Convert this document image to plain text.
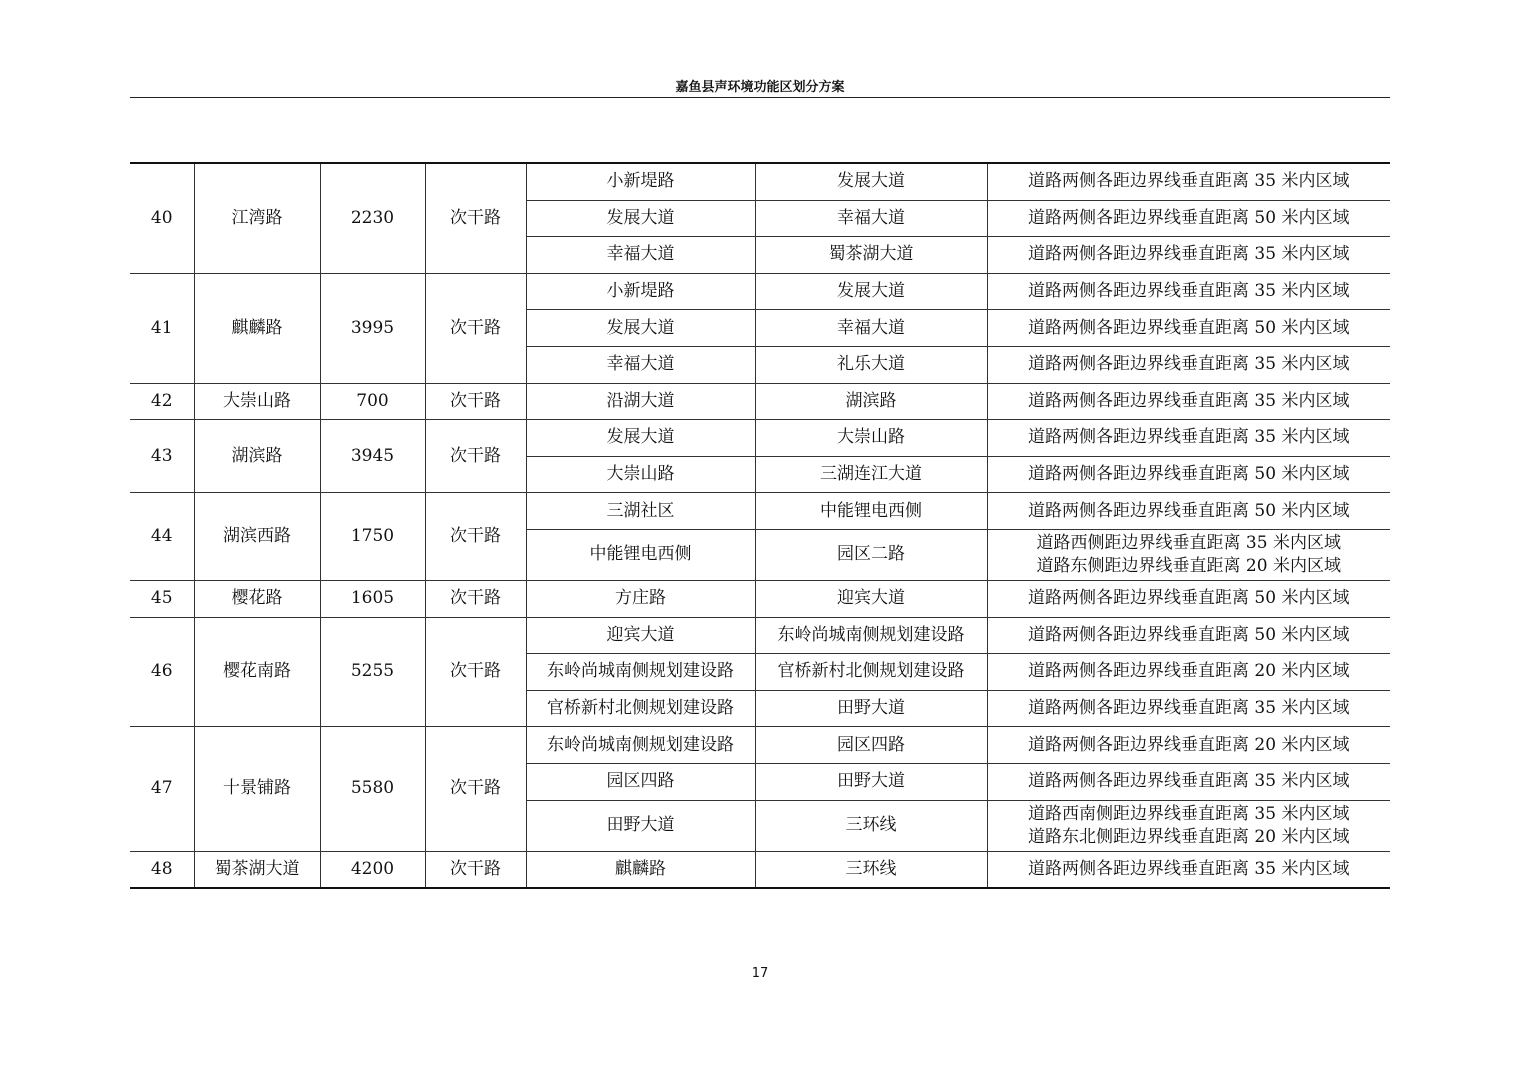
嘉鱼县声环境功能区划分方案
40	江湾路	2230	次干路	小新堤路	发展大道	道路两侧各距边界线垂直距离 35 米内区域

				发展大道	幸福大道	道路两侧各距边界线垂直距离 50 米内区域

				幸福大道	蜀茶湖大道	道路两侧各距边界线垂直距离 35 米内区域

41	麒麟路	3995	次干路	小新堤路	发展大道	道路两侧各距边界线垂直距离 35 米内区域

				发展大道	幸福大道	道路两侧各距边界线垂直距离 50 米内区域

				幸福大道	礼乐大道	道路两侧各距边界线垂直距离 35 米内区域

42	大崇山路	700	次干路	沿湖大道	湖滨路	道路两侧各距边界线垂直距离 35 米内区域

43	湖滨路	3945	次干路	发展大道	大崇山路	道路两侧各距边界线垂直距离 35 米内区域

				大崇山路	三湖连江大道	道路两侧各距边界线垂直距离 50 米内区域

44	湖滨西路	1750	次干路	三湖社区	中能锂电西侧	道路两侧各距边界线垂直距离 50 米内区域

				中能锂电西侧	园区二路	道路西侧距边界线垂直距离 35 米内区域
道路东侧距边界线垂直距离 20 米内区域

45	樱花路	1605	次干路	方庄路	迎宾大道	道路两侧各距边界线垂直距离 50 米内区域

46	樱花南路	5255	次干路	迎宾大道	东岭尚城南侧规划建设路	道路两侧各距边界线垂直距离 50 米内区域

				东岭尚城南侧规划建设路	官桥新村北侧规划建设路	道路两侧各距边界线垂直距离 20 米内区域

				官桥新村北侧规划建设路	田野大道	道路两侧各距边界线垂直距离 35 米内区域

47	十景铺路	5580	次干路	东岭尚城南侧规划建设路	园区四路	道路两侧各距边界线垂直距离 20 米内区域

				园区四路	田野大道	道路两侧各距边界线垂直距离 35 米内区域

				田野大道	三环线	道路西南侧距边界线垂直距离 35 米内区域
道路东北侧距边界线垂直距离 20 米内区域

48	蜀茶湖大道	4200	次干路	麒麟路	三环线	道路两侧各距边界线垂直距离 35 米内区域
17
